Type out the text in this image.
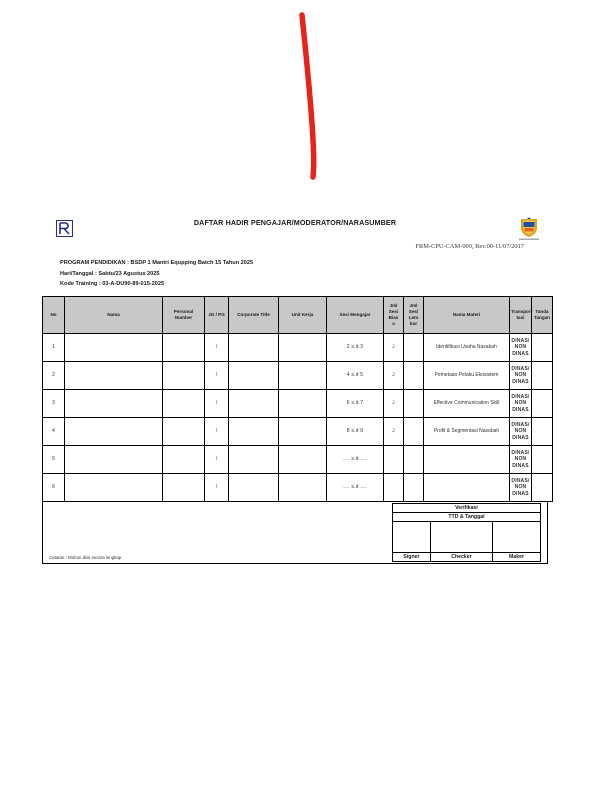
DAFTAR HADIR PENGAJAR/MODERATOR/NARASUMBER
FRM-CPU-CAM-009, Rev.00-11/07/2017
PROGRAM PENDIDIKAN : BSDP 1 Mantri Equpping Batch 15 Tahun 2025
Hari/Tanggal : Sabtu/23 Agustus 2025
Kode Training : 03-A-DU90-89-015-2025
No	Nama	Personal
Number	JG / PG	Corporate Title	Unit Kerja	Sesi Mengajar	Jml
Sesi
Bias
a	Jml
Sesi
Lem
bur	Nama Materi	Transpor
tasi	Tanda
Tangan
1			/			2 s.d 3	2		Identifikasi Usaha Nasabah	DINAS/
NON
DINAS	
2			/			4 s.d 5	2		Pemetaan Pelaku Ekosistem	DINAS/
NON
DINAS	
3			/			6 s.d 7	2		Effective Communication Skill	DINAS/
NON
DINAS	
4			/			8 s.d 9	2		Profil & Segmentasi Nasabah	DINAS/
NON
DINAS	
5			/			…. s.d ….				DINAS/
NON
DINAS	
6			/			…. s.d ….				DINAS/
NON
DINAS	
Verifikasi		
TTD & Tanggal		

Signer	Checker	Maker
Catatan : Mohon diisi secara lengkap
